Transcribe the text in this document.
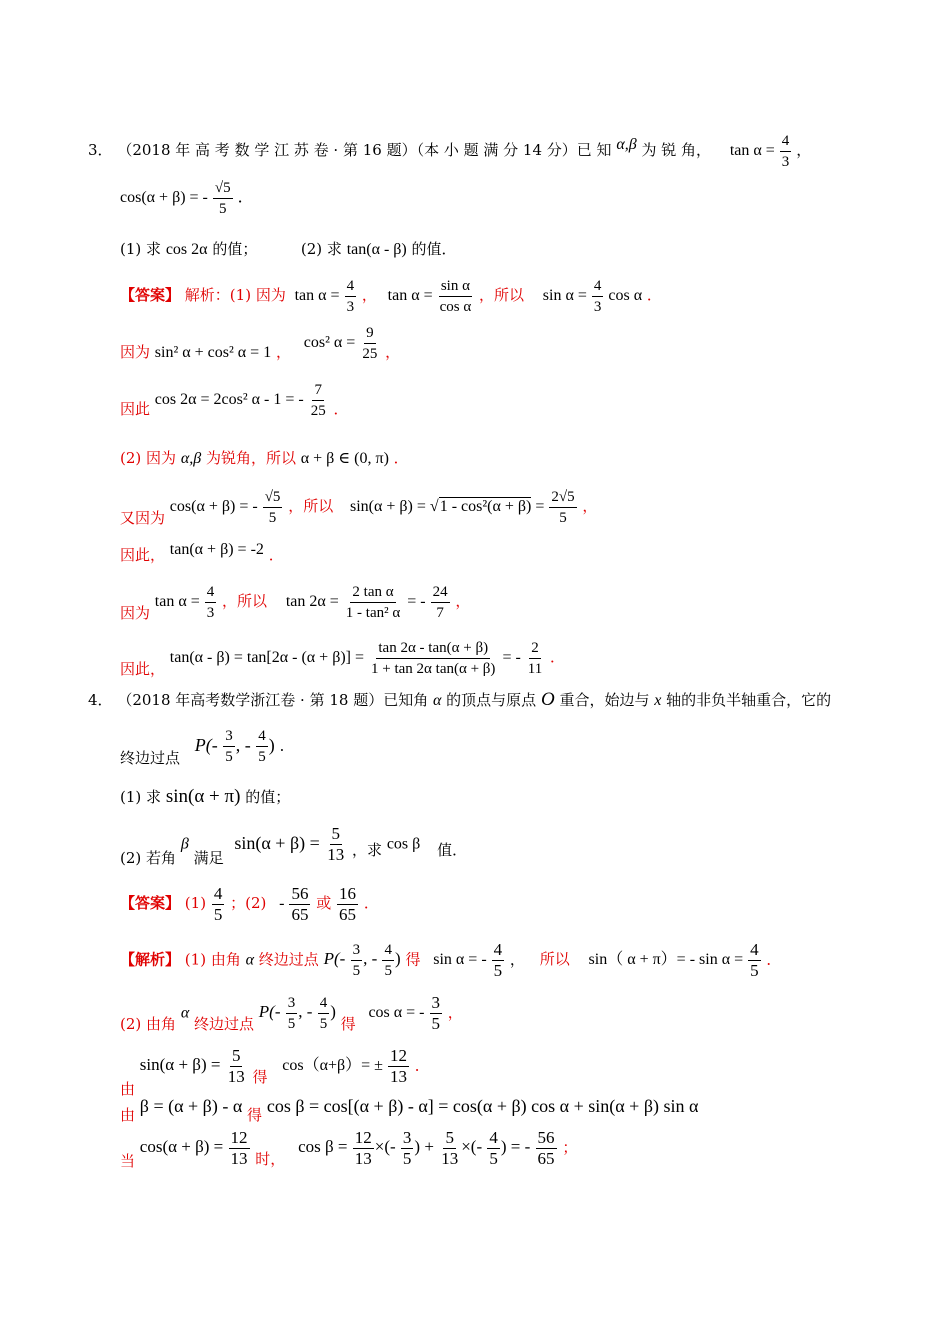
3． （2018 年 高 考 数 学 江 苏 卷 · 第 16 题）（本 小 题 满 分 14 分）已 知 α,β 为 锐 角， $\tan \alpha = \frac{4}{3}$ ，
cos(α + β) = - $\frac{√5}{5}$ ．
(1) 求 cos 2α 的值；	(2) 求 tan(α - β) 的值．
【答案】 解析：(1) 因为 $\tan \alpha = \frac{4}{3}$ ， $\tan \alpha = \frac{\text{sin α}}{\text{cos α}}$ ，所以 $\sin \alpha = \frac{4}{3}$ cos α ．
因为 sin² α + cos² α = 1 ， cos² $\alpha = \frac{9}{25}$ ，
因此 cos 2α = 2cos² α - 1 = - $\frac{7}{25}$ ．
(2) 因为 α,β 为锐角，所以 α + β ∈ (0, π) ．
又因为 cos(α + β) = - $\frac{√5}{5}$ ，所以 $\sin(\alpha + \beta) = √1 - \cos^2(\alpha + \beta) = \frac{2√5}{5}$ ，
因此， tan(α + β) = -2 ．
因为 $\tan \alpha = \frac{4}{3}$ ，所以 $\tan 2\alpha = \frac{\text{2 tan α}}{\text{1 - tan² α}}$ = - $\frac{24}{7}$ ，
因此， $\tan(\alpha - \beta) = \tan[2\alpha - (\alpha + \beta)] = \frac{\tan 2\alpha - \tan(\alpha + \beta)}{\text{1 + tan 2α tan(α + β)}}$ = - $\frac{2}{11}$ ．
4． （2018 年高考数学浙江卷 · 第 18 题）已知角 α 的顶点与原点 O 重合，始边与 x 轴的非负半轴重合，它的
终边过点 $P(- \frac{3}{5}$ , - $\frac{4}{5}$ ) ．
(1) 求 sin(α + π) 的值；
(2) 若角 β 满足 $\sin(\alpha + \beta) = \frac{5}{13}$ ，求 cos β 值．
【答案】 $(1) \frac{4}{5}$ ；$(2) - \frac{56}{65}$ 或 $\frac{16}{65}$ ．
【解析】 (1) 由角 α 终边过点 $P(- \frac{3}{5}$ , - $\frac{4}{5}$ ) 得 sin α = - $\frac{4}{5}$ ， 所以 sin（ $\alpha + \pi)= - \sin \alpha = \frac{4}{5}$ ．
(2) 由角 α 终边过点 $P(- \frac{3}{5}$ , - $\frac{4}{5}$ ) 得 cos α = - $\frac{3}{5}$ ，
由 $\sin(\alpha + \beta) = \frac{5}{13}$ 得 $\cos(\alpha+\beta)= \pm \frac{12}{13}$ ．
由 β = (α + β) - α 得 cos β = cos[(α + β) - α] = cos(α + β) cos α + sin(α + β) sin α
当 $\cos(\alpha + \beta) = \frac{12}{13}$ 时， $\cos \beta = \frac{12}{13}$ ×(- $\frac{3}{5}$ ) + $\frac{5}{13}$ ×(- $\frac{4}{5}$ ) = - $\frac{56}{65}$ ；
